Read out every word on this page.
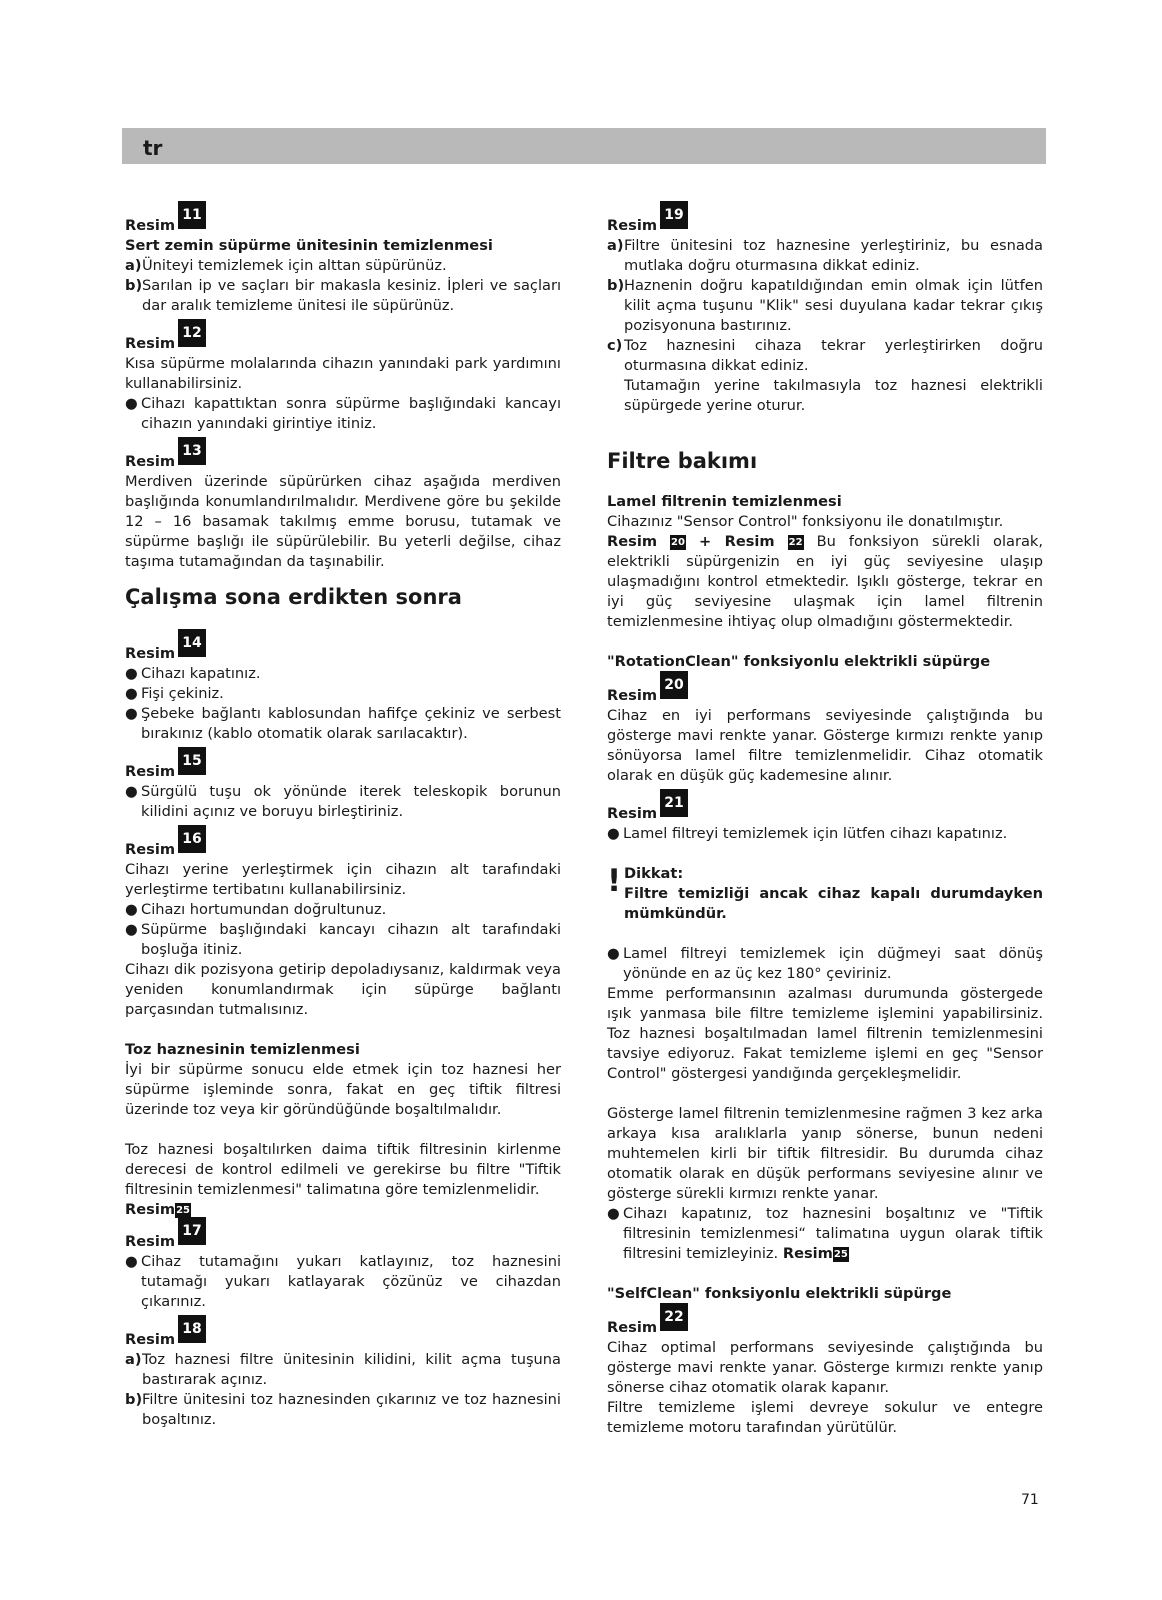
tr
Resim
11
Sert zemin süpürme ünitesinin temizlenmesi
a) Üniteyi temizlemek için alttan süpürünüz.
b) Sarılan ip ve saçları bir makasla kesiniz. İpleri ve saçları dar aralık temizleme ünitesi ile süpürünüz.
Resim
12
Kısa süpürme molalarında cihazın yanındaki park yardımını kullanabilirsiniz.
● Cihazı kapattıktan sonra süpürme başlığındaki kancayı cihazın yanındaki girintiye itiniz.
Resim
13
Merdiven üzerinde süpürürken cihaz aşağıda merdiven başlığında konumlandırılmalıdır. Merdivene göre bu şekilde 12 – 16 basamak takılmış emme borusu, tutamak ve süpürme başlığı ile süpürülebilir. Bu yeterli değilse, cihaz taşıma tutamağından da taşınabilir.
Çalışma sona erdikten sonra
Resim
14
● Cihazı kapatınız.
● Fişi çekiniz.
● Şebeke bağlantı kablosundan hafifçe çekiniz ve serbest bırakınız (kablo otomatik olarak sarılacaktır).
Resim
15
● Sürgülü tuşu ok yönünde iterek teleskopik borunun kilidini açınız ve boruyu birleştiriniz.
Resim
16
Cihazı yerine yerleştirmek için cihazın alt tarafındaki yerleştirme tertibatını kullanabilirsiniz.
● Cihazı hortumundan doğrultunuz.
● Süpürme başlığındaki kancayı cihazın alt tarafındaki boşluğa itiniz.
Cihazı dik pozisyona getirip depoladıysanız, kaldırmak veya yeniden konumlandırmak için süpürge bağlantı parçasından tutmalısınız.
Toz haznesinin temizlenmesi
İyi bir süpürme sonucu elde etmek için toz haznesi her süpürme işleminde sonra, fakat en geç tiftik filtresi üzerinde toz veya kir göründüğünde boşaltılmalıdır.
Toz haznesi boşaltılırken daima tiftik filtresinin kirlenme derecesi de kontrol edilmeli ve gerekirse bu filtre "Tiftik filtresinin temizlenmesi" talimatına göre temizlenmelidir.
Resim25
Resim
17
● Cihaz tutamağını yukarı katlayınız, toz haznesini tutamağı yukarı katlayarak çözünüz ve cihazdan çıkarınız.
Resim
18
a) Toz haznesi filtre ünitesinin kilidini, kilit açma tuşuna bastırarak açınız.
b) Filtre ünitesini toz haznesinden çıkarınız ve toz haznesini boşaltınız.
Resim
19
a) Filtre ünitesini toz haznesine yerleştiriniz, bu esnada mutlaka doğru oturmasına dikkat ediniz.
b) Haznenin doğru kapatıldığından emin olmak için lütfen kilit açma tuşunu "Klik" sesi duyulana kadar tekrar çıkış pozisyonuna bastırınız.
c) Toz haznesini cihaza tekrar yerleştirirken doğru oturmasına dikkat ediniz.
Tutamağın yerine takılmasıyla toz haznesi elektrikli süpürgede yerine oturur.
Filtre bakımı
Lamel filtrenin temizlenmesi
Cihazınız "Sensor Control" fonksiyonu ile donatılmıştır.
Resim 20 + Resim 22 Bu fonksiyon sürekli olarak, elektrikli süpürgenizin en iyi güç seviyesine ulaşıp ulaşmadığını kontrol etmektedir. Işıklı gösterge, tekrar en iyi güç seviyesine ulaşmak için lamel filtrenin temizlenmesine ihtiyaç olup olmadığını göstermektedir.
"RotationClean" fonksiyonlu elektrikli süpürge
Resim
20
Cihaz en iyi performans seviyesinde çalıştığında bu gösterge mavi renkte yanar. Gösterge kırmızı renkte yanıp sönüyorsa lamel filtre temizlenmelidir. Cihaz otomatik olarak en düşük güç kademesine alınır.
Resim
21
● Lamel filtreyi temizlemek için lütfen cihazı kapatınız.
! Dikkat:
Filtre temizliği ancak cihaz kapalı durumdayken mümkündür.
● Lamel filtreyi temizlemek için düğmeyi saat dönüş yönünde en az üç kez 180° çeviriniz.
Emme performansının azalması durumunda göstergede ışık yanmasa bile filtre temizleme işlemini yapabilirsiniz. Toz haznesi boşaltılmadan lamel filtrenin temizlenmesini tavsiye ediyoruz. Fakat temizleme işlemi en geç "Sensor Control" göstergesi yandığında gerçekleşmelidir.
Gösterge lamel filtrenin temizlenmesine rağmen 3 kez arka arkaya kısa aralıklarla yanıp sönerse, bunun nedeni muhtemelen kirli bir tiftik filtresidir. Bu durumda cihaz otomatik olarak en düşük performans seviyesine alınır ve gösterge sürekli kırmızı renkte yanar.
● Cihazı kapatınız, toz haznesini boşaltınız ve "Tiftik filtresinin temizlenmesi“ talimatına uygun olarak tiftik filtresini temizleyiniz. Resim25
"SelfClean" fonksiyonlu elektrikli süpürge
Resim
22
Cihaz optimal performans seviyesinde çalıştığında bu gösterge mavi renkte yanar. Gösterge kırmızı renkte yanıp sönerse cihaz otomatik olarak kapanır.
Filtre temizleme işlemi devreye sokulur ve entegre temizleme motoru tarafından yürütülür.
71
